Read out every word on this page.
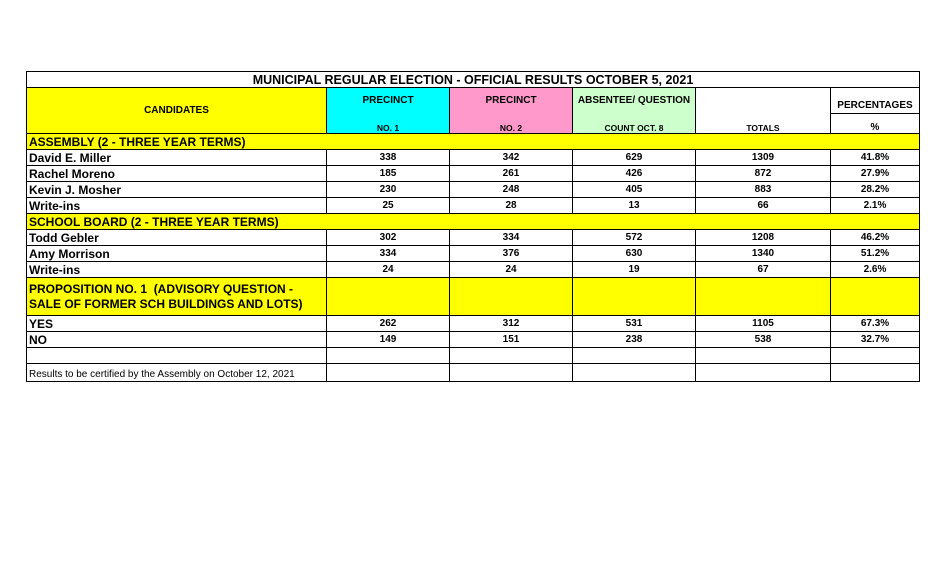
MUNICIPAL REGULAR ELECTION - OFFICIAL RESULTS OCTOBER 5, 2021					
CANDIDATES	PRECINCT	PRECINCT	ABSENTEE/ QUESTION		PERCENTAGES
	NO. 1	NO. 2	COUNT OCT. 8	TOTALS	%
ASSEMBLY (2 - THREE YEAR TERMS)					
David E. Miller	338	342	629	1309	41.8%
Rachel Moreno	185	261	426	872	27.9%
Kevin J. Mosher	230	248	405	883	28.2%
Write-ins	25	28	13	66	2.1%
SCHOOL BOARD (2 - THREE YEAR TERMS)					
Todd Gebler	302	334	572	1208	46.2%
Amy Morrison	334	376	630	1340	51.2%
Write-ins	24	24	19	67	2.6%

PROPOSITION NO. 1  (ADVISORY QUESTION -
SALE OF FORMER SCH BUILDINGS AND LOTS)					

YES	262	312	531	1105	67.3%
NO	149	151	238	538	32.7%

Results to be certified by the Assembly on October 12, 2021					
